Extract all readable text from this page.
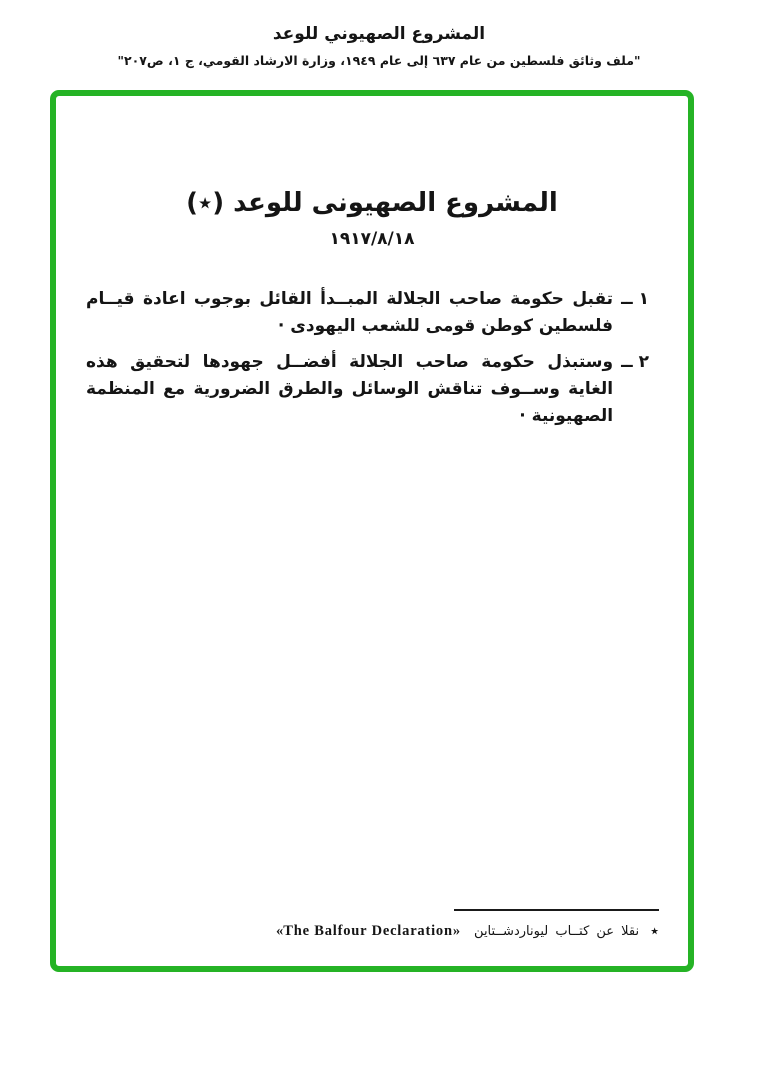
المشروع الصهيوني للوعد
"ملف وثائق فلسطين من عام ٦٣٧ إلى عام ١٩٤٩، وزارة الارشاد القومي، ج ١، ص٢٠٧"
المشروع الصهيونى للوعد (٭)
١٩١٧/٨/١٨
١ ــ
تقبل حكومة صاحب الجلالة المبــدأ القائل بوجوب اعادة قيــام فلسطين كوطن قومى للشعب اليهودى ·
٢ ــ
وستبذل حكومة صاحب الجلالة أفضــل جهودها لتحقيق هذه الغاية وســوف تناقش الوسائل والطرق الضرورية مع المنظمة الصهيونية ·
٭ نقلا عن كتــاب ليوناردشــتاين «The Balfour Declaration»
